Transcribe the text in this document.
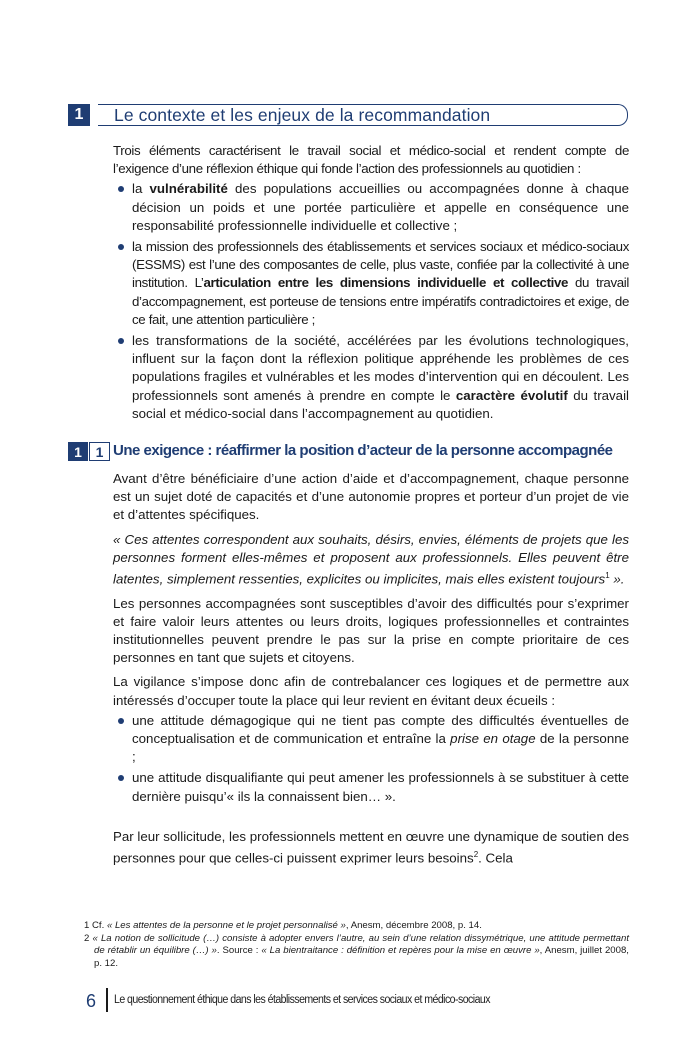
1	Le contexte et les enjeux de la recommandation

Trois éléments caractérisent le travail social et médico-social et rendent compte de l’exigence d’une réflexion éthique qui fonde l’action des professionnels au quotidien :

la vulnérabilité des populations accueillies ou accompagnées donne à chaque décision un poids et une portée particulière et appelle en conséquence une responsabilité professionnelle individuelle et collective ;
la mission des professionnels des établissements et services sociaux et médico-sociaux (ESSMS) est l’une des composantes de celle, plus vaste, confiée par la collectivité à une institution. L’articulation entre les dimensions individuelle et collective du travail d’accompagnement, est porteuse de tensions entre impératifs contradictoires et exige, de ce fait, une attention particulière ;
les transformations de la société, accélérées par les évolutions technologiques, influent sur la façon dont la réflexion politique appréhende les problèmes de ces populations fragiles et vulnérables et les modes d’intervention qui en découlent. Les professionnels sont amenés à prendre en compte le caractère évolutif du travail social et médico-social dans l’accompagnement au quotidien.
1 1 Une exigence : réaffirmer la position d’acteur de la personne accompagnée

Avant d’être bénéficiaire d’une action d’aide et d’accompagnement, chaque personne est un sujet doté de capacités et d’une autonomie propres et porteur d’un projet de vie et d’attentes spécifiques.

« Ces attentes correspondent aux souhaits, désirs, envies, éléments de projets que les personnes forment elles-mêmes et proposent aux professionnels. Elles peuvent être latentes, simplement ressenties, explicites ou implicites, mais elles existent toujours$^1$ ».

Les personnes accompagnées sont susceptibles d’avoir des difficultés pour s’exprimer et faire valoir leurs attentes ou leurs droits, logiques professionnelles et contraintes institutionnelles peuvent prendre le pas sur la prise en compte prioritaire de ces personnes en tant que sujets et citoyens.

La vigilance s’impose donc afin de contrebalancer ces logiques et de permettre aux intéressés d’occuper toute la place qui leur revient en évitant deux écueils :

une attitude démagogique qui ne tient pas compte des difficultés éventuelles de conceptualisation et de communication et entraîne la prise en otage de la personne ;
une attitude disqualifiante qui peut amener les professionnels à se substituer à cette dernière puisqu’« ils la connaissent bien… ».

Par leur sollicitude, les professionnels mettent en œuvre une dynamique de soutien des personnes pour que celles-ci puissent exprimer leurs besoins$^2$. Cela

1 Cf. « Les attentes de la personne et le projet personnalisé », Anesm, décembre 2008, p. 14.

2 « La notion de sollicitude (…) consiste à adopter envers l’autre, au sein d’une relation dissymétrique, une attitude permettant de rétablir un équilibre (…) ». Source : « La bientraitance : définition et repères pour la mise en œuvre », Anesm, juillet 2008, p. 12.

6 Le questionnement éthique dans les établissements et services sociaux et médico-sociaux
